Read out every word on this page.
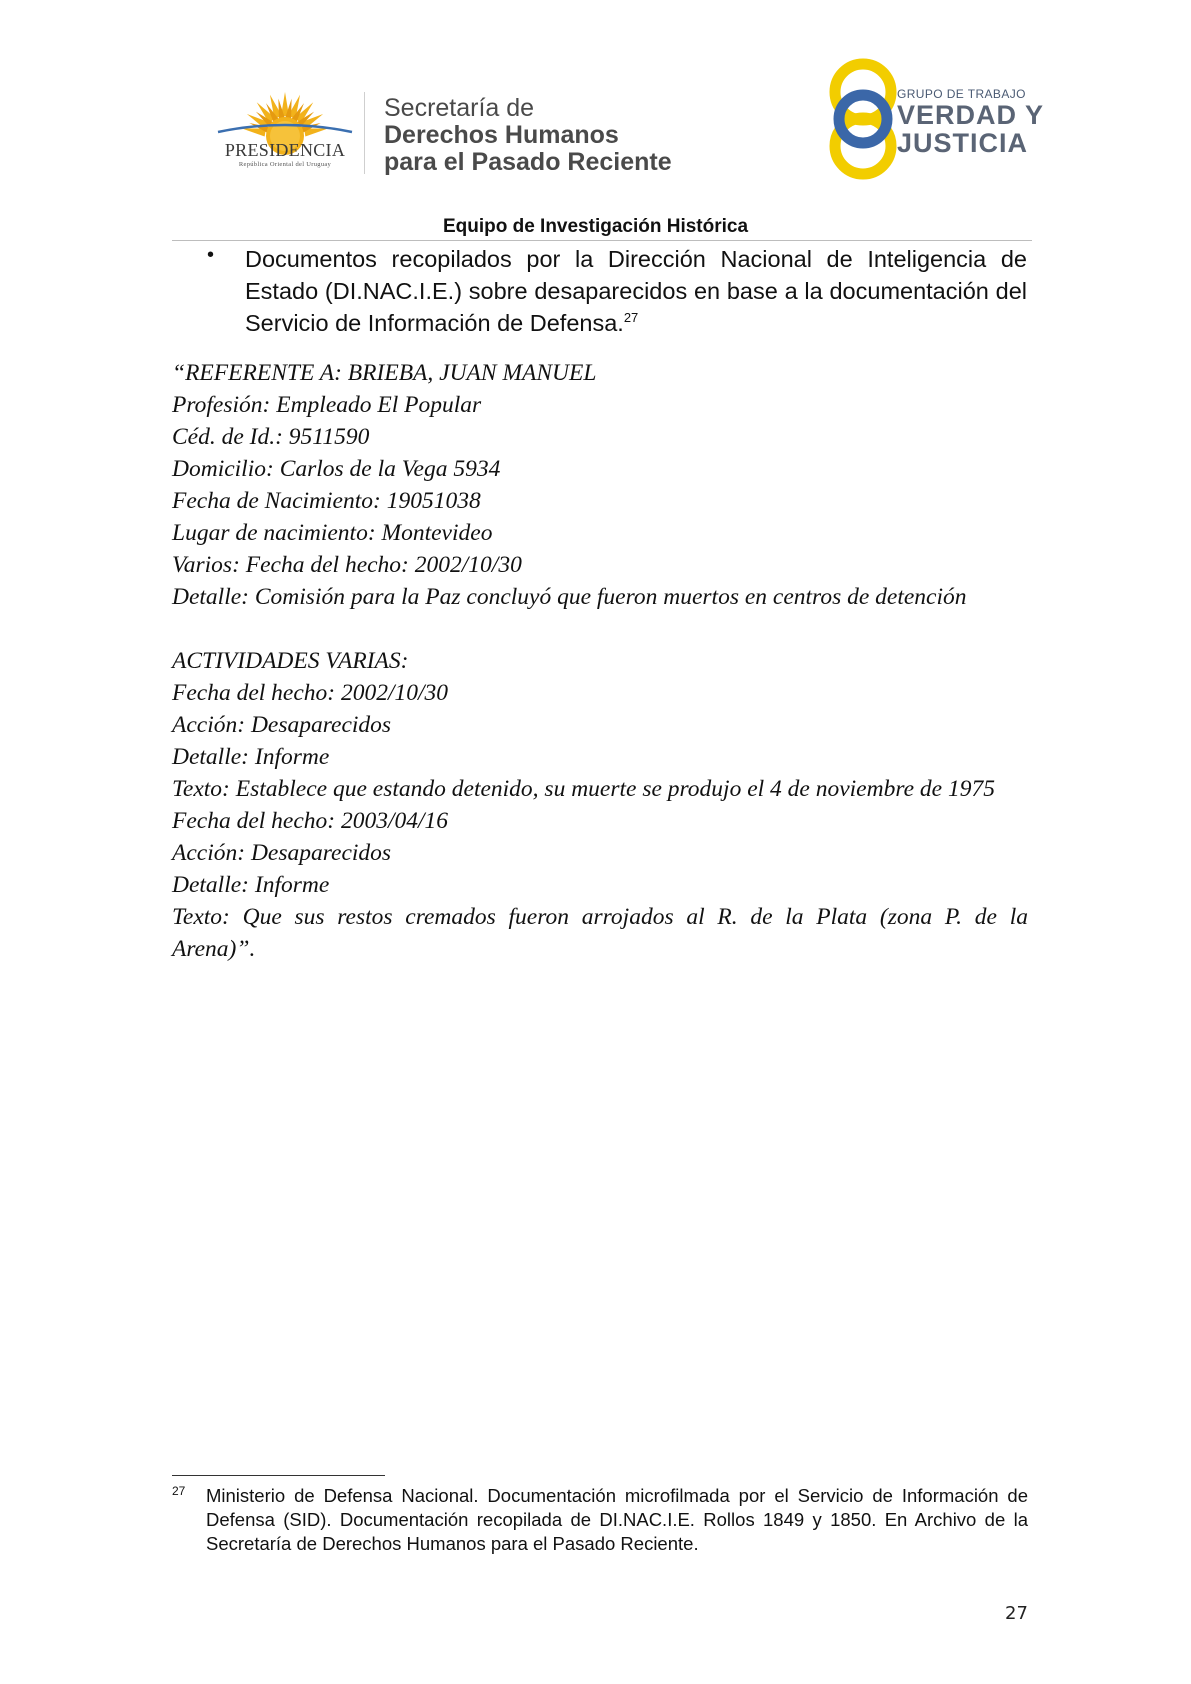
PRESIDENCIA
República Oriental del Uruguay
Secretaría de
Derechos Humanos
para el Pasado Reciente
GRUPO DE TRABAJO
VERDAD Y
JUSTICIA
Equipo de Investigación Histórica
• Documentos recopilados por la Dirección Nacional de Inteligencia de Estado (DI.NAC.I.E.) sobre desaparecidos en base a la documentación del Servicio de Información de Defensa.$^{27}$
“REFERENTE A: BRIEBA, JUAN MANUEL
Profesión: Empleado El Popular
Céd. de Id.: 9511590
Domicilio: Carlos de la Vega 5934
Fecha de Nacimiento: 19051038
Lugar de nacimiento: Montevideo
Varios: Fecha del hecho: 2002/10/30
Detalle: Comisión para la Paz concluyó que fueron muertos en centros de detención
ACTIVIDADES VARIAS:
Fecha del hecho: 2002/10/30
Acción: Desaparecidos
Detalle: Informe
Texto: Establece que estando detenido, su muerte se produjo el 4 de noviembre de 1975
Fecha del hecho: 2003/04/16
Acción: Desaparecidos
Detalle: Informe
Texto: Que sus restos cremados fueron arrojados al R. de la Plata (zona P. de la
Arena)”.
27 Ministerio de Defensa Nacional. Documentación microfilmada por el Servicio de Información de Defensa (SID). Documentación recopilada de DI.NAC.I.E. Rollos 1849 y 1850. En Archivo de la Secretaría de Derechos Humanos para el Pasado Reciente.
27
